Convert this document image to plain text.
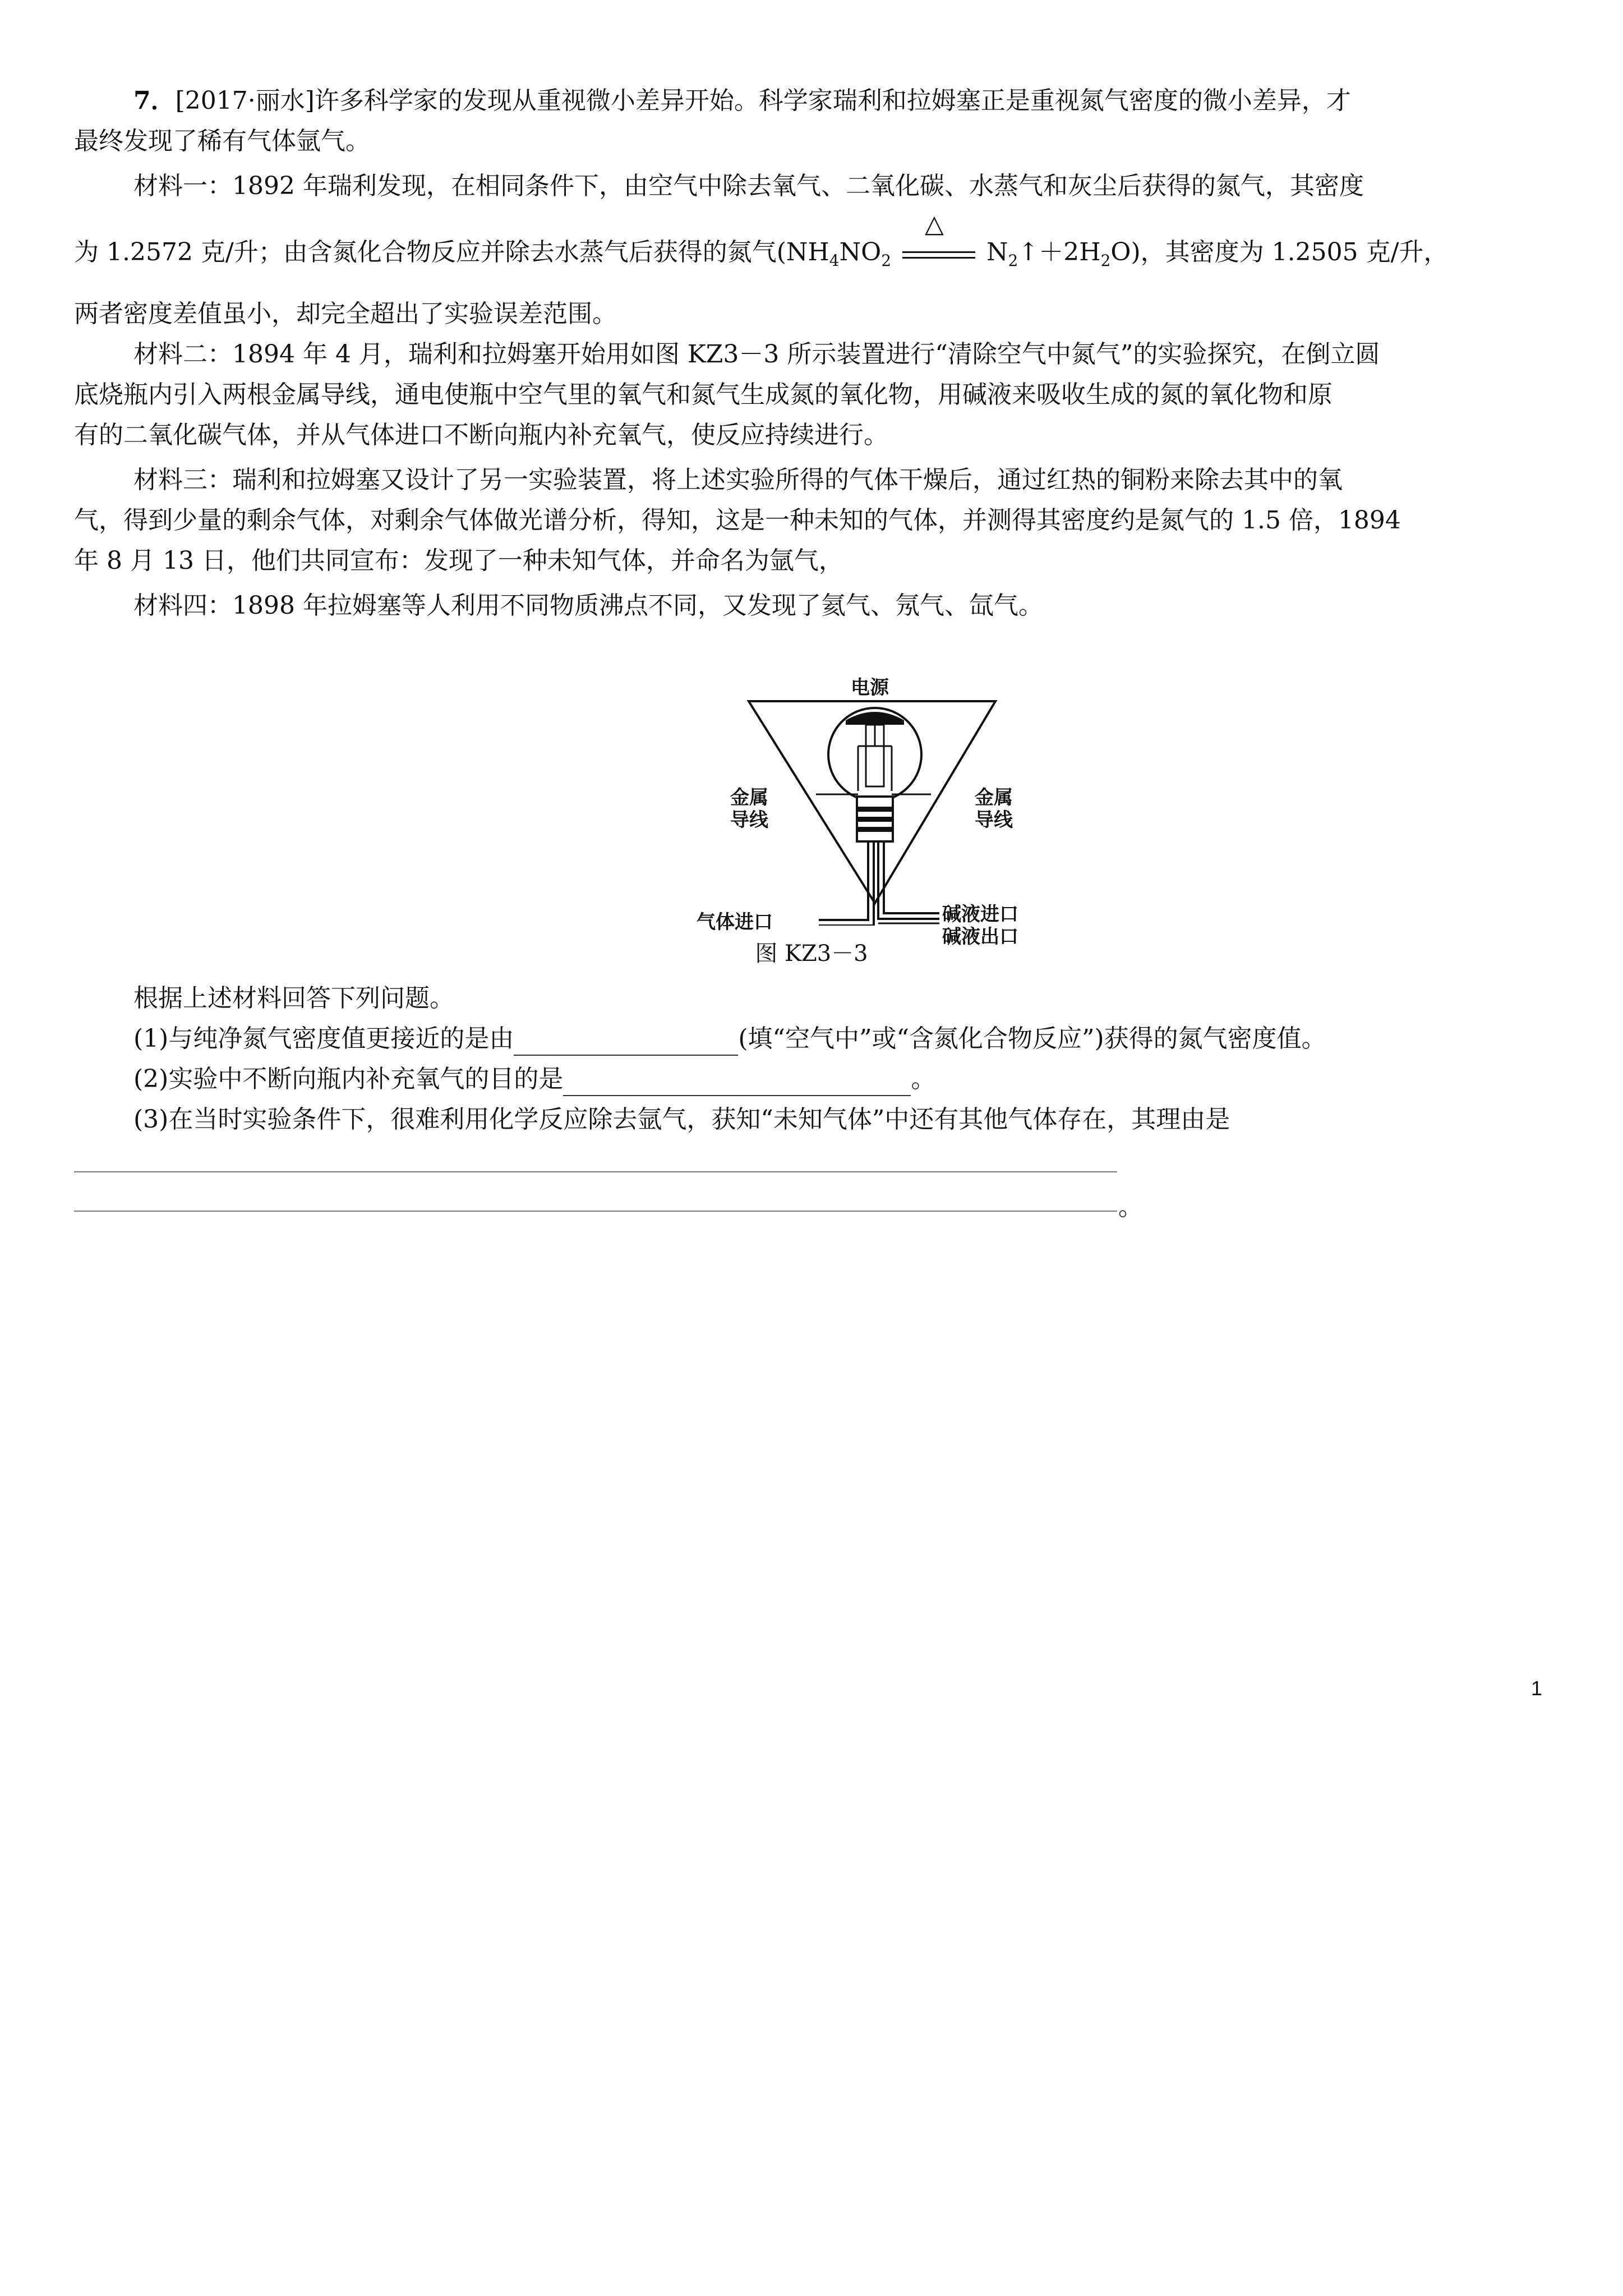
7．[2017·丽水]许多科学家的发现从重视微小差异开始。科学家瑞利和拉姆塞正是重视氮气密度的微小差异，才
最终发现了稀有气体氩气。
材料一：1892 年瑞利发现，在相同条件下，由空气中除去氧气、二氧化碳、水蒸气和灰尘后获得的氮气，其密度
为 1.2572 克/升；由含氮化合物反应并除去水蒸气后获得的氮气($NH_4NO_2$
△
$N_2↑+2H_2O$)，其密度为 1.2505 克/升，
两者密度差值虽小，却完全超出了实验误差范围。
材料二：1894 年 4 月，瑞利和拉姆塞开始用如图 KZ3－3 所示装置进行“清除空气中氮气”的实验探究，在倒立圆
底烧瓶内引入两根金属导线，通电使瓶中空气里的氧气和氮气生成氮的氧化物，用碱液来吸收生成的氮的氧化物和原
有的二氧化碳气体，并从气体进口不断向瓶内补充氧气，使反应持续进行。
材料三：瑞利和拉姆塞又设计了另一实验装置，将上述实验所得的气体干燥后，通过红热的铜粉来除去其中的氧
气，得到少量的剩余气体，对剩余气体做光谱分析，得知，这是一种未知的气体，并测得其密度约是氮气的 1.5 倍，1894
年 8 月 13 日，他们共同宣布：发现了一种未知气体，并命名为氩气，
材料四：1898 年拉姆塞等人利用不同物质沸点不同，又发现了氦气、氖气、氙气。
电源
金属
导线
金属
导线
气体进口	碱液进口
碱液出口
图 KZ3－3
根据上述材料回答下列问题。
(1)与纯净氮气密度值更接近的是由	(填“空气中”或“含氮化合物反应”)获得的氮气密度值。
(2)实验中不断向瓶内补充氧气的目的是	。
(3)在当时实验条件下，很难利用化学反应除去氩气，获知“未知气体”中还有其他气体存在，其理由是
。
1
